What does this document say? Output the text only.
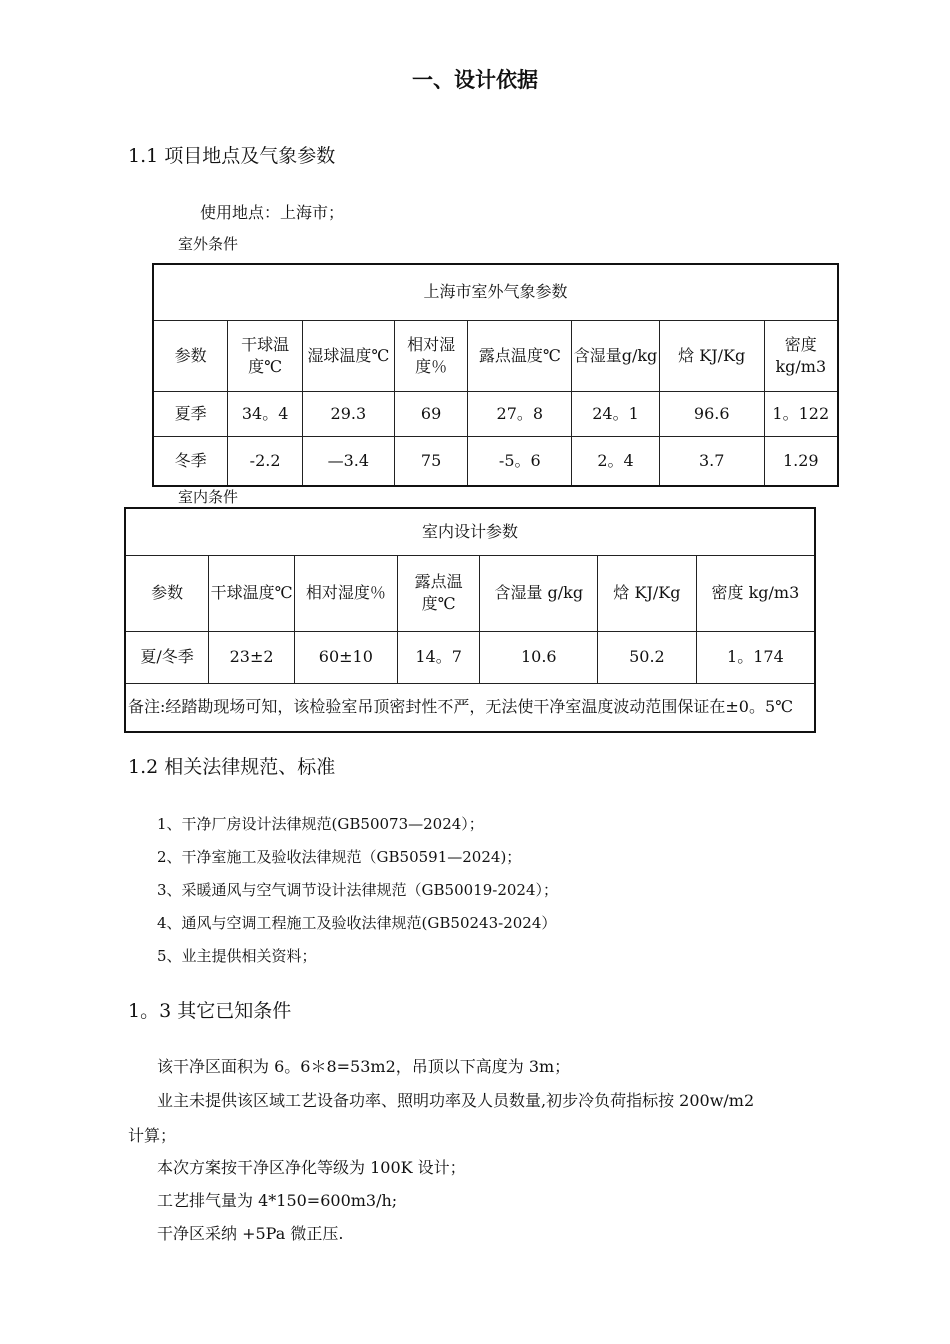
一、设计依据
1.1 项目地点及气象参数
使用地点：上海市；
室外条件
上海市室外气象参数							
参数	干球温度℃	湿球温度℃	相对湿度％	露点温度℃	含湿量g/kg	焓 KJ/Kg	密度kg/m3
夏季	34。4	29.3	69	27。8	24。1	96.6	1。122
冬季	-2.2	—3.4	75	-5。6	2。4	3.7	1.29
室内条件
室内设计参数						
参数	干球温度℃	相对湿度％	露点温度℃	含湿量 g/kg	焓 KJ/Kg	密度 kg/m3
夏/冬季	23±2	60±10	14。7	10.6	50.2	1。174
备注:经踏勘现场可知，该检验室吊顶密封性不严，无法使干净室温度波动范围保证在±0。5℃						
1.2 相关法律规范、标准
1、干净厂房设计法律规范(GB50073—2024）；
2、干净室施工及验收法律规范（GB50591—2024)；
3、采暖通风与空气调节设计法律规范（GB50019-2024）；
4、通风与空调工程施工及验收法律规范(GB50243-2024）
5、业主提供相关资料；
1。3 其它已知条件
该干净区面积为 6。6＊8=53m2，吊顶以下高度为 3m；
业主未提供该区域工艺设备功率、照明功率及人员数量,初步冷负荷指标按 200w/m2
计算；
本次方案按干净区净化等级为 100K 设计；
工艺排气量为 4*150=600m3/h;
干净区采纳 +5Pa 微正压.
